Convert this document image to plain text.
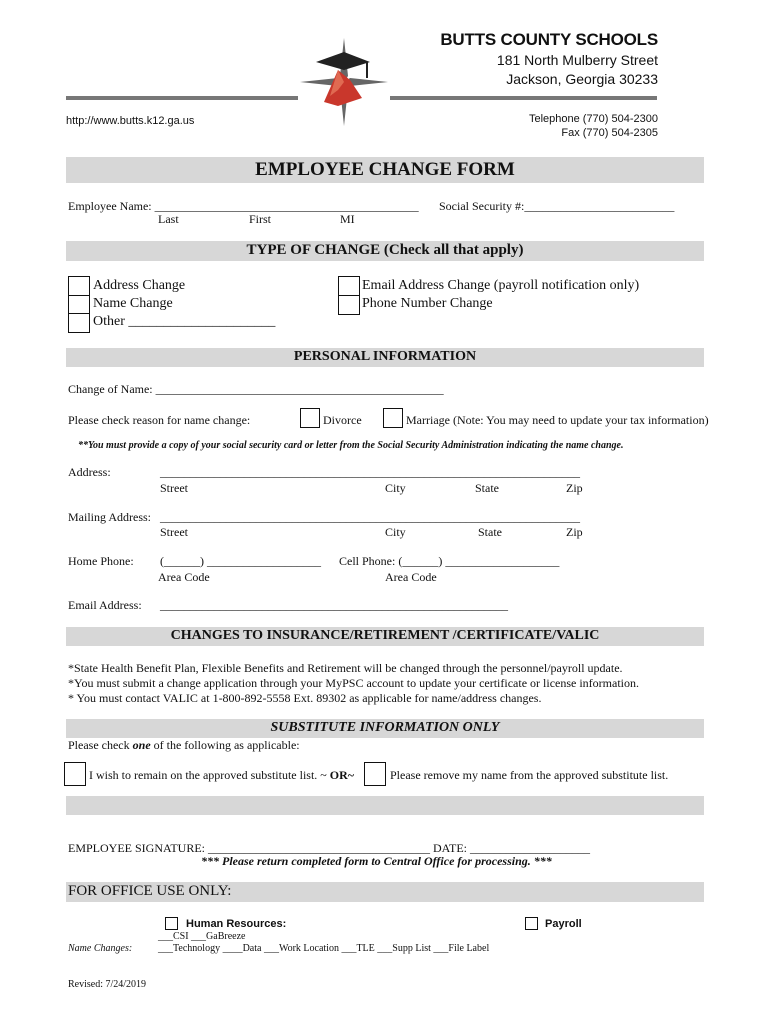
BUTTS COUNTY SCHOOLS
181 North Mulberry Street
Jackson, Georgia 30233
http://www.butts.k12.ga.us	Telephone (770) 504-2300
Fax (770) 504-2305
EMPLOYEE CHANGE FORM
Employee Name: ____________________________________________ Social Security #:_________________________
Last	First	MI
TYPE OF CHANGE (Check all that apply)
Address Change
Name Change
Other _____________________
Email Address Change (payroll notification only)
Phone Number Change
PERSONAL INFORMATION
Change of Name: ________________________________________________
Please check reason for name change:	Divorce	Marriage (Note: You may need to update your tax information)
**You must provide a copy of your social security card or letter from the Social Security Administration indicating the name change.
Address:	______________________________________________________________________
Street	City	State	Zip
Mailing Address: ______________________________________________________________________
Street	City	State	Zip
Home Phone: (______) ___________________ Cell Phone: (______) ___________________
Area Code	Area Code
Email Address: __________________________________________________________
CHANGES TO INSURANCE/RETIREMENT /CERTIFICATE/VALIC
*State Health Benefit Plan, Flexible Benefits and Retirement will be changed through the personnel/payroll update.
*You must submit a change application through your MyPSC account to update your certificate or license information.
* You must contact VALIC at 1-800-892-5558 Ext. 89302 as applicable for name/address changes.
SUBSTITUTE INFORMATION ONLY
Please check one of the following as applicable:
I wish to remain on the approved substitute list. ~ OR~	Please remove my name from the approved substitute list.
EMPLOYEE SIGNATURE: _____________________________________ DATE: ____________________
*** Please return completed form to Central Office for processing. ***
FOR OFFICE USE ONLY:
Human Resources:	Payroll
___CSI ___GaBreeze
Name Changes:	___Technology ____Data ___Work Location ___TLE ___Supp List ___File Label
Revised: 7/24/2019
